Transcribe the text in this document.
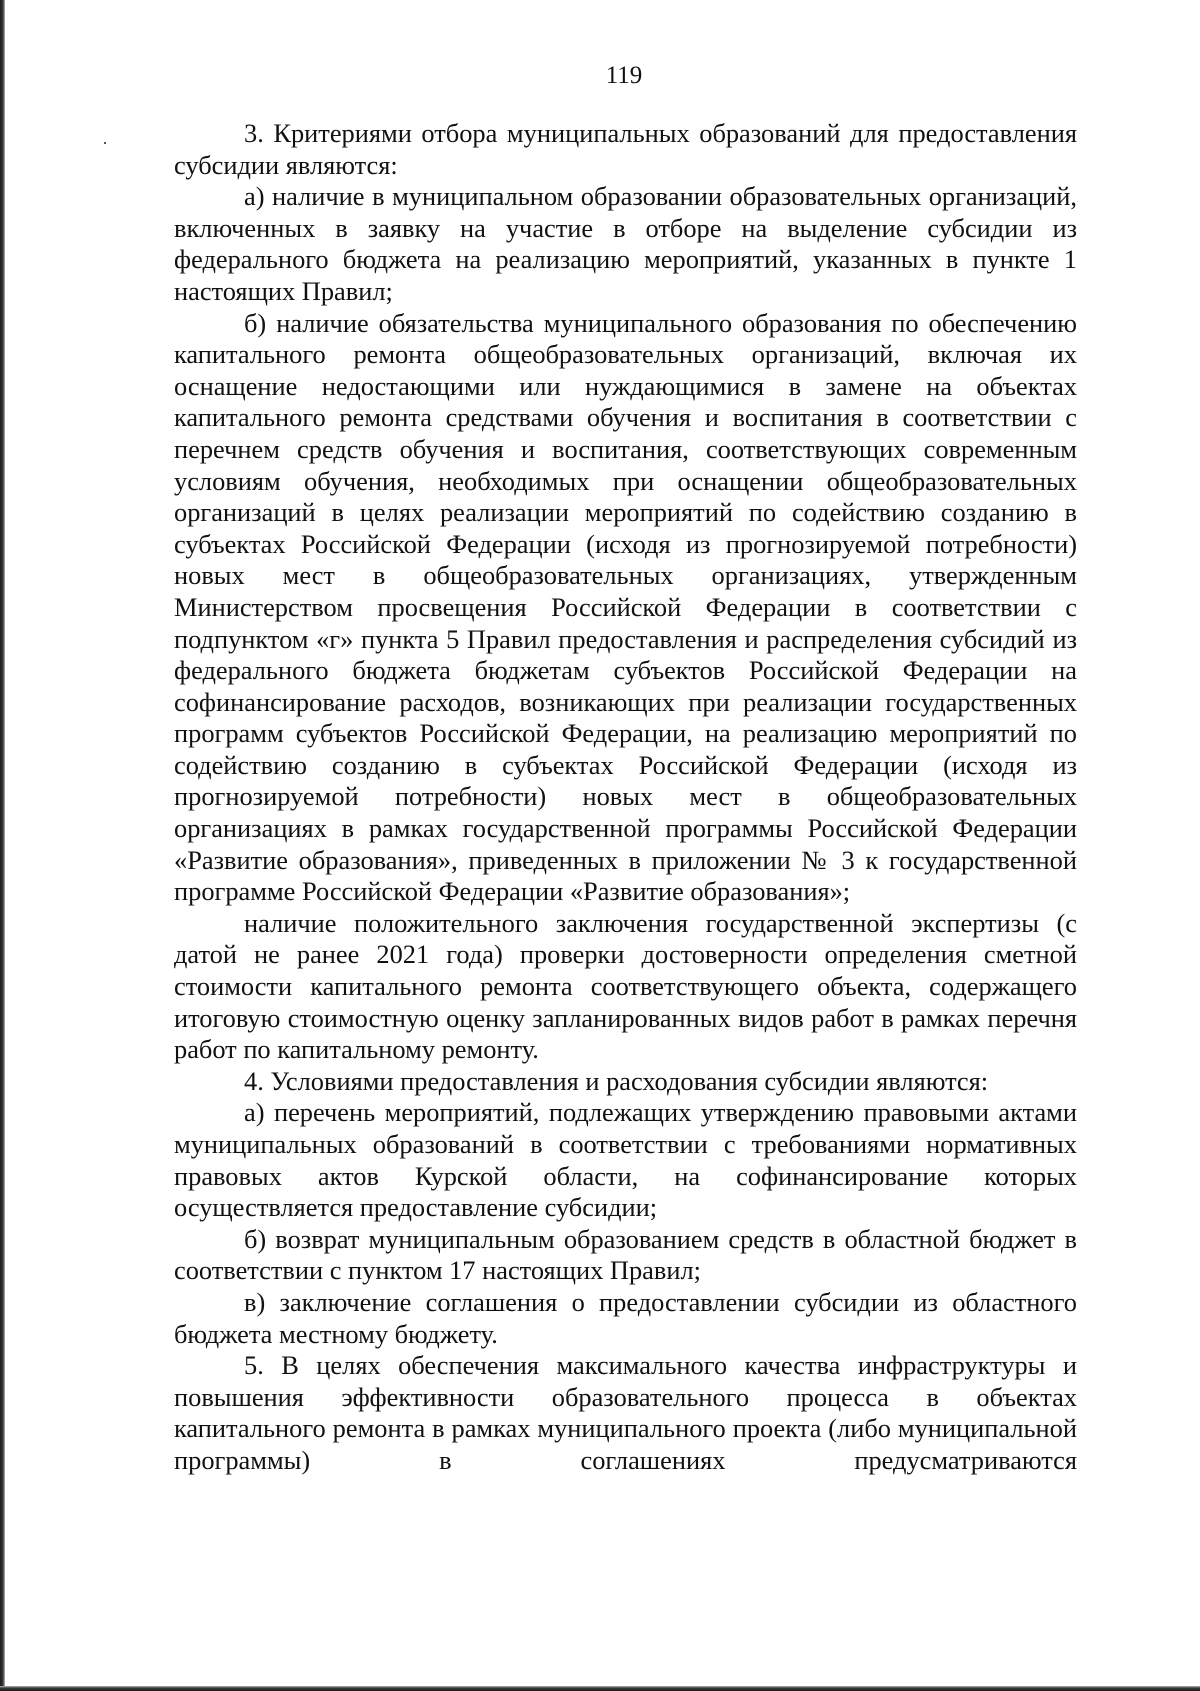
119

3. Критериями отбора муниципальных образований для предоставления субсидии являются:

а) наличие в муниципальном образовании образовательных организаций, включенных в заявку на участие в отборе на выделение субсидии из федерального бюджета на реализацию мероприятий, указанных в пункте 1 настоящих Правил;

б) наличие обязательства муниципального образования по обеспечению капитального ремонта общеобразовательных организаций, включая их оснащение недостающими или нуждающимися в замене на объектах капитального ремонта средствами обучения и воспитания в соответствии с перечнем средств обучения и воспитания, соответствующих современным условиям обучения, необходимых при оснащении общеобразовательных организаций в целях реализации мероприятий по содействию созданию в субъектах Российской Федерации (исходя из прогнозируемой потребности) новых мест в общеобразовательных организациях, утвержденным Министерством просвещения Российской Федерации в соответствии с подпунктом «г» пункта 5 Правил предоставления и распределения субсидий из федерального бюджета бюджетам субъектов Российской Федерации на софинансирование расходов, возникающих при реализации государственных программ субъектов Российской Федерации, на реализацию мероприятий по содействию созданию в субъектах Российской Федерации (исходя из прогнозируемой потребности) новых мест в общеобразовательных организациях в рамках государственной программы Российской Федерации «Развитие образования», приведенных в приложении № 3 к государственной программе Российской Федерации «Развитие образования»;

наличие положительного заключения государственной экспертизы (с датой не ранее 2021 года) проверки достоверности определения сметной стоимости капитального ремонта соответствующего объекта, содержащего итоговую стоимостную оценку запланированных видов работ в рамках перечня работ по капитальному ремонту.

4. Условиями предоставления и расходования субсидии являются:

а) перечень мероприятий, подлежащих утверждению правовыми актами муниципальных образований в соответствии с требованиями нормативных правовых актов Курской области, на софинансирование которых осуществляется предоставление субсидии;

б) возврат муниципальным образованием средств в областной бюджет в соответствии с пунктом 17 настоящих Правил;

в) заключение соглашения о предоставлении субсидии из областного бюджета местному бюджету.

5. В целях обеспечения максимального качества инфраструктуры и повышения эффективности образовательного процесса в объектах капитального ремонта в рамках муниципального проекта (либо муниципальной программы) в соглашениях предусматриваются
